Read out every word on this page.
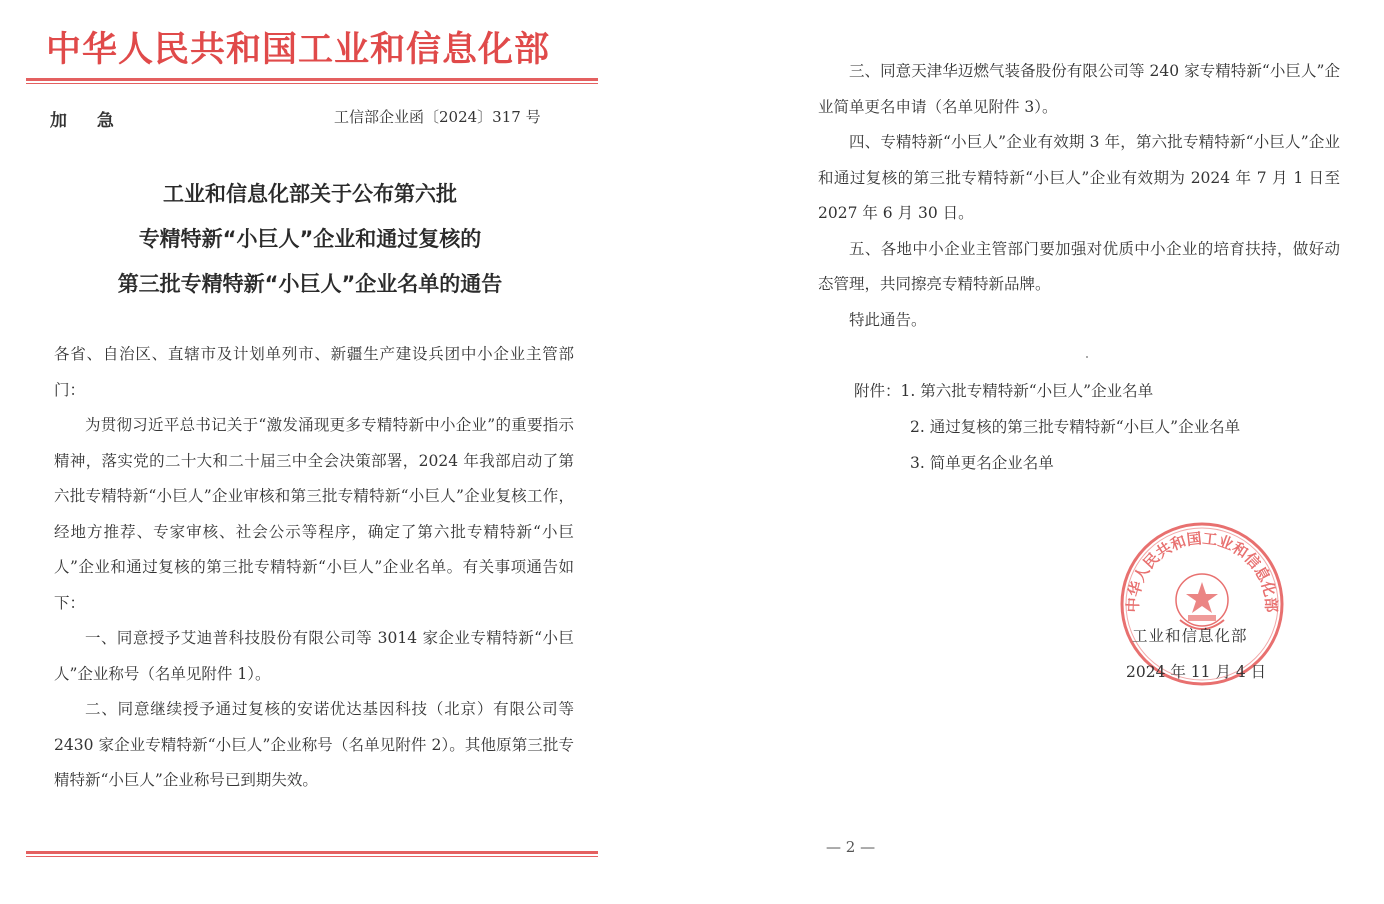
中华人民共和国工业和信息化部
加 急	工信部企业函〔2024〕317 号
工业和信息化部关于公布第六批
专精特新“小巨人”企业和通过复核的
第三批专精特新“小巨人”企业名单的通告
各省、自治区、直辖市及计划单列市、新疆生产建设兵团中小企业主管部门：

为贯彻习近平总书记关于“激发涌现更多专精特新中小企业”的重要指示精神，落实党的二十大和二十届三中全会决策部署，2024 年我部启动了第六批专精特新“小巨人”企业审核和第三批专精特新“小巨人”企业复核工作，经地方推荐、专家审核、社会公示等程序，确定了第六批专精特新“小巨人”企业和通过复核的第三批专精特新“小巨人”企业名单。有关事项通告如下：

一、同意授予艾迪普科技股份有限公司等 3014 家企业专精特新“小巨人”企业称号（名单见附件 1）。

二、同意继续授予通过复核的安诺优达基因科技（北京）有限公司等 2430 家企业专精特新“小巨人”企业称号（名单见附件 2）。其他原第三批专精特新“小巨人”企业称号已到期失效。

三、同意天津华迈燃气装备股份有限公司等 240 家专精特新“小巨人”企业简单更名申请（名单见附件 3）。

四、专精特新“小巨人”企业有效期 3 年，第六批专精特新“小巨人”企业和通过复核的第三批专精特新“小巨人”企业有效期为 2024 年 7 月 1 日至 2027 年 6 月 30 日。

五、各地中小企业主管部门要加强对优质中小企业的培育扶持，做好动态管理，共同擦亮专精特新品牌。

特此通告。

附件：1. 第六批专精特新“小巨人”企业名单
2. 通过复核的第三批专精特新“小巨人”企业名单
3. 简单更名企业名单
中华人民共和国工业和信息化部
工业和信息化部
2024 年 11 月 4 日
— 2 —
